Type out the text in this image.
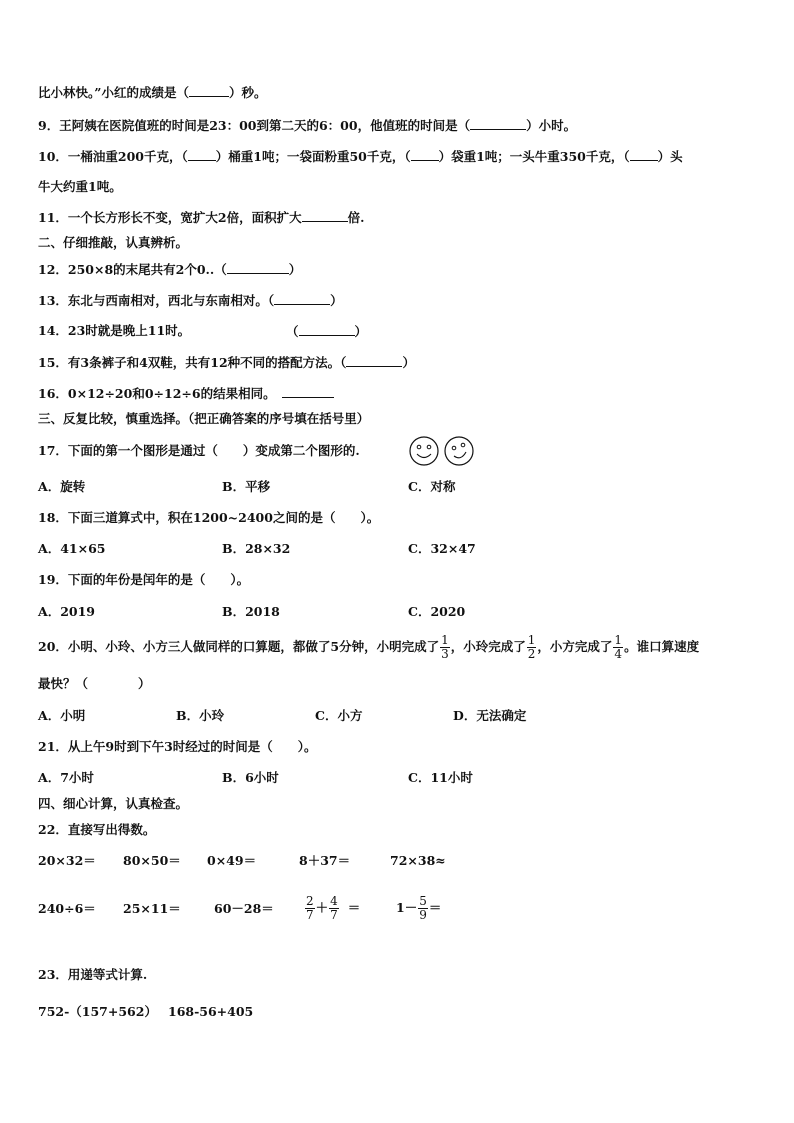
比小林快。”小红的成绩是（	）秒。
9．王阿姨在医院值班的时间是23：00到第二天的6：00，他值班的时间是（	）小时。
10．一桶油重200千克，（ ）桶重1吨；一袋面粉重50千克，（ ）袋重1吨；一头牛重350千克，（ ）头
牛大约重1吨。
11．一个长方形长不变，宽扩大2倍，面积扩大	倍.
二、仔细推敲，认真辨析。
12．250×8的末尾共有2个0..（	）
13．东北与西南相对，西北与东南相对。（	）
14．23时就是晚上11时。	（	）
15．有3条裤子和4双鞋，共有12种不同的搭配方法。（	）
16．0×12÷20和0÷12÷6的结果相同。
三、反复比较，慎重选择。（把正确答案的序号填在括号里）
17．下面的第一个图形是通过（　　）变成第二个图形的.
A．旋转	B．平移	C．对称
18．下面三道算式中，积在1200~2400之间的是（　　）。
A．41×65	B．28×32	C．32×47
19．下面的年份是闰年的是（　　）。
A．2019	B．2018	C．2020
20．小明、小玲、小方三人做同样的口算题，都做了5分钟，小明完成了 $\frac{1}{3}$ ，小玲完成了 $\frac{1}{2}$ ，小方完成了 $\frac{1}{4}$ 。谁口算速度
最快？（　　　　）
A．小明	B．小玲	C．小方	D．无法确定
21．从上午9时到下午3时经过的时间是（　　）。
A．7小时	B．6小时	C．11小时
四、细心计算，认真检查。
22．直接写出得数。
20×32＝ 80×50＝ 0×49＝	8＋37＝	72×38≈
240÷6＝ 25×11＝	60－28＝	$\frac{2}{7} + \frac{4}{7}$ ＝	$1- \frac{5}{9}$ ＝
23．用递等式计算.
752-（157+562） 168-56+405
